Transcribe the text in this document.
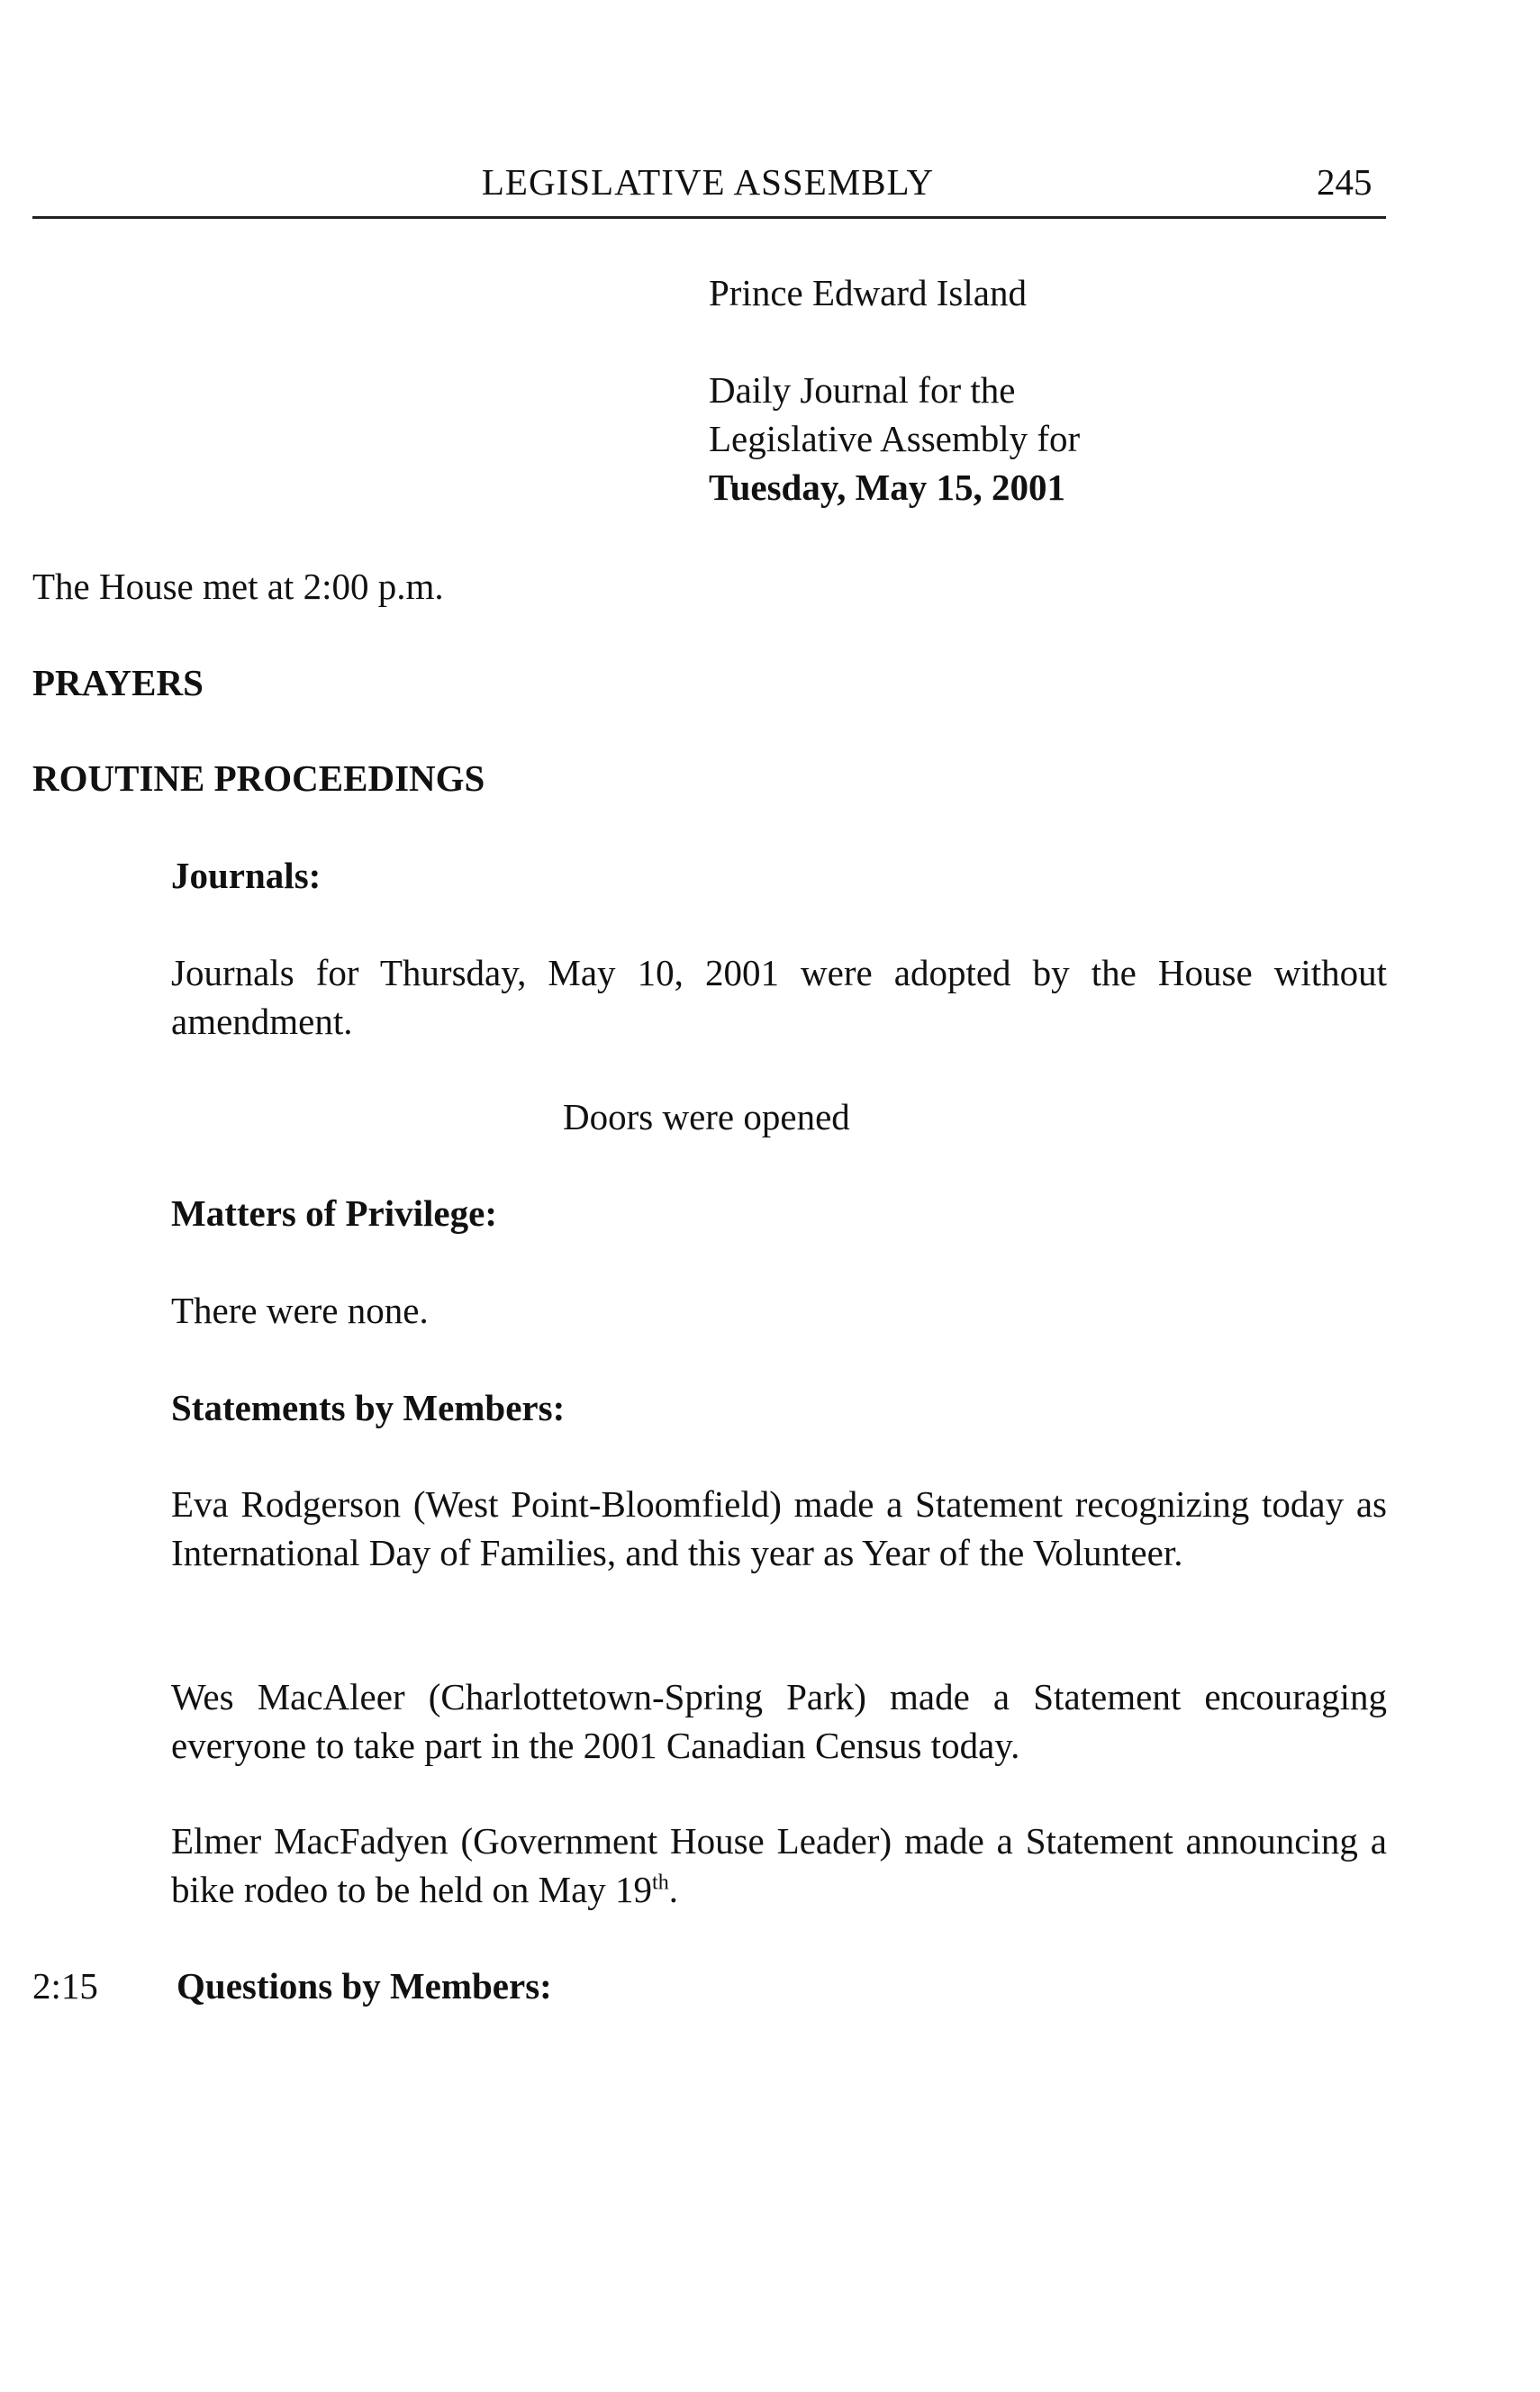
LEGISLATIVE ASSEMBLY	245
Prince Edward Island
Daily Journal for the
Legislative Assembly for
Tuesday, May 15, 2001
The House met at 2:00 p.m.
PRAYERS
ROUTINE PROCEEDINGS
Journals:
Journals for Thursday, May 10, 2001 were adopted by the House without amendment.
Doors were opened
Matters of Privilege:
There were none.
Statements by Members:
Eva Rodgerson (West Point-Bloomfield) made a Statement recognizing today as International Day of Families, and this year as Year of the Volunteer.
Wes MacAleer (Charlottetown-Spring Park) made a Statement encouraging everyone to take part in the 2001 Canadian Census today.
Elmer MacFadyen (Government House Leader) made a Statement announcing a bike rodeo to be held on May 19th.
2:15 Questions by Members:
